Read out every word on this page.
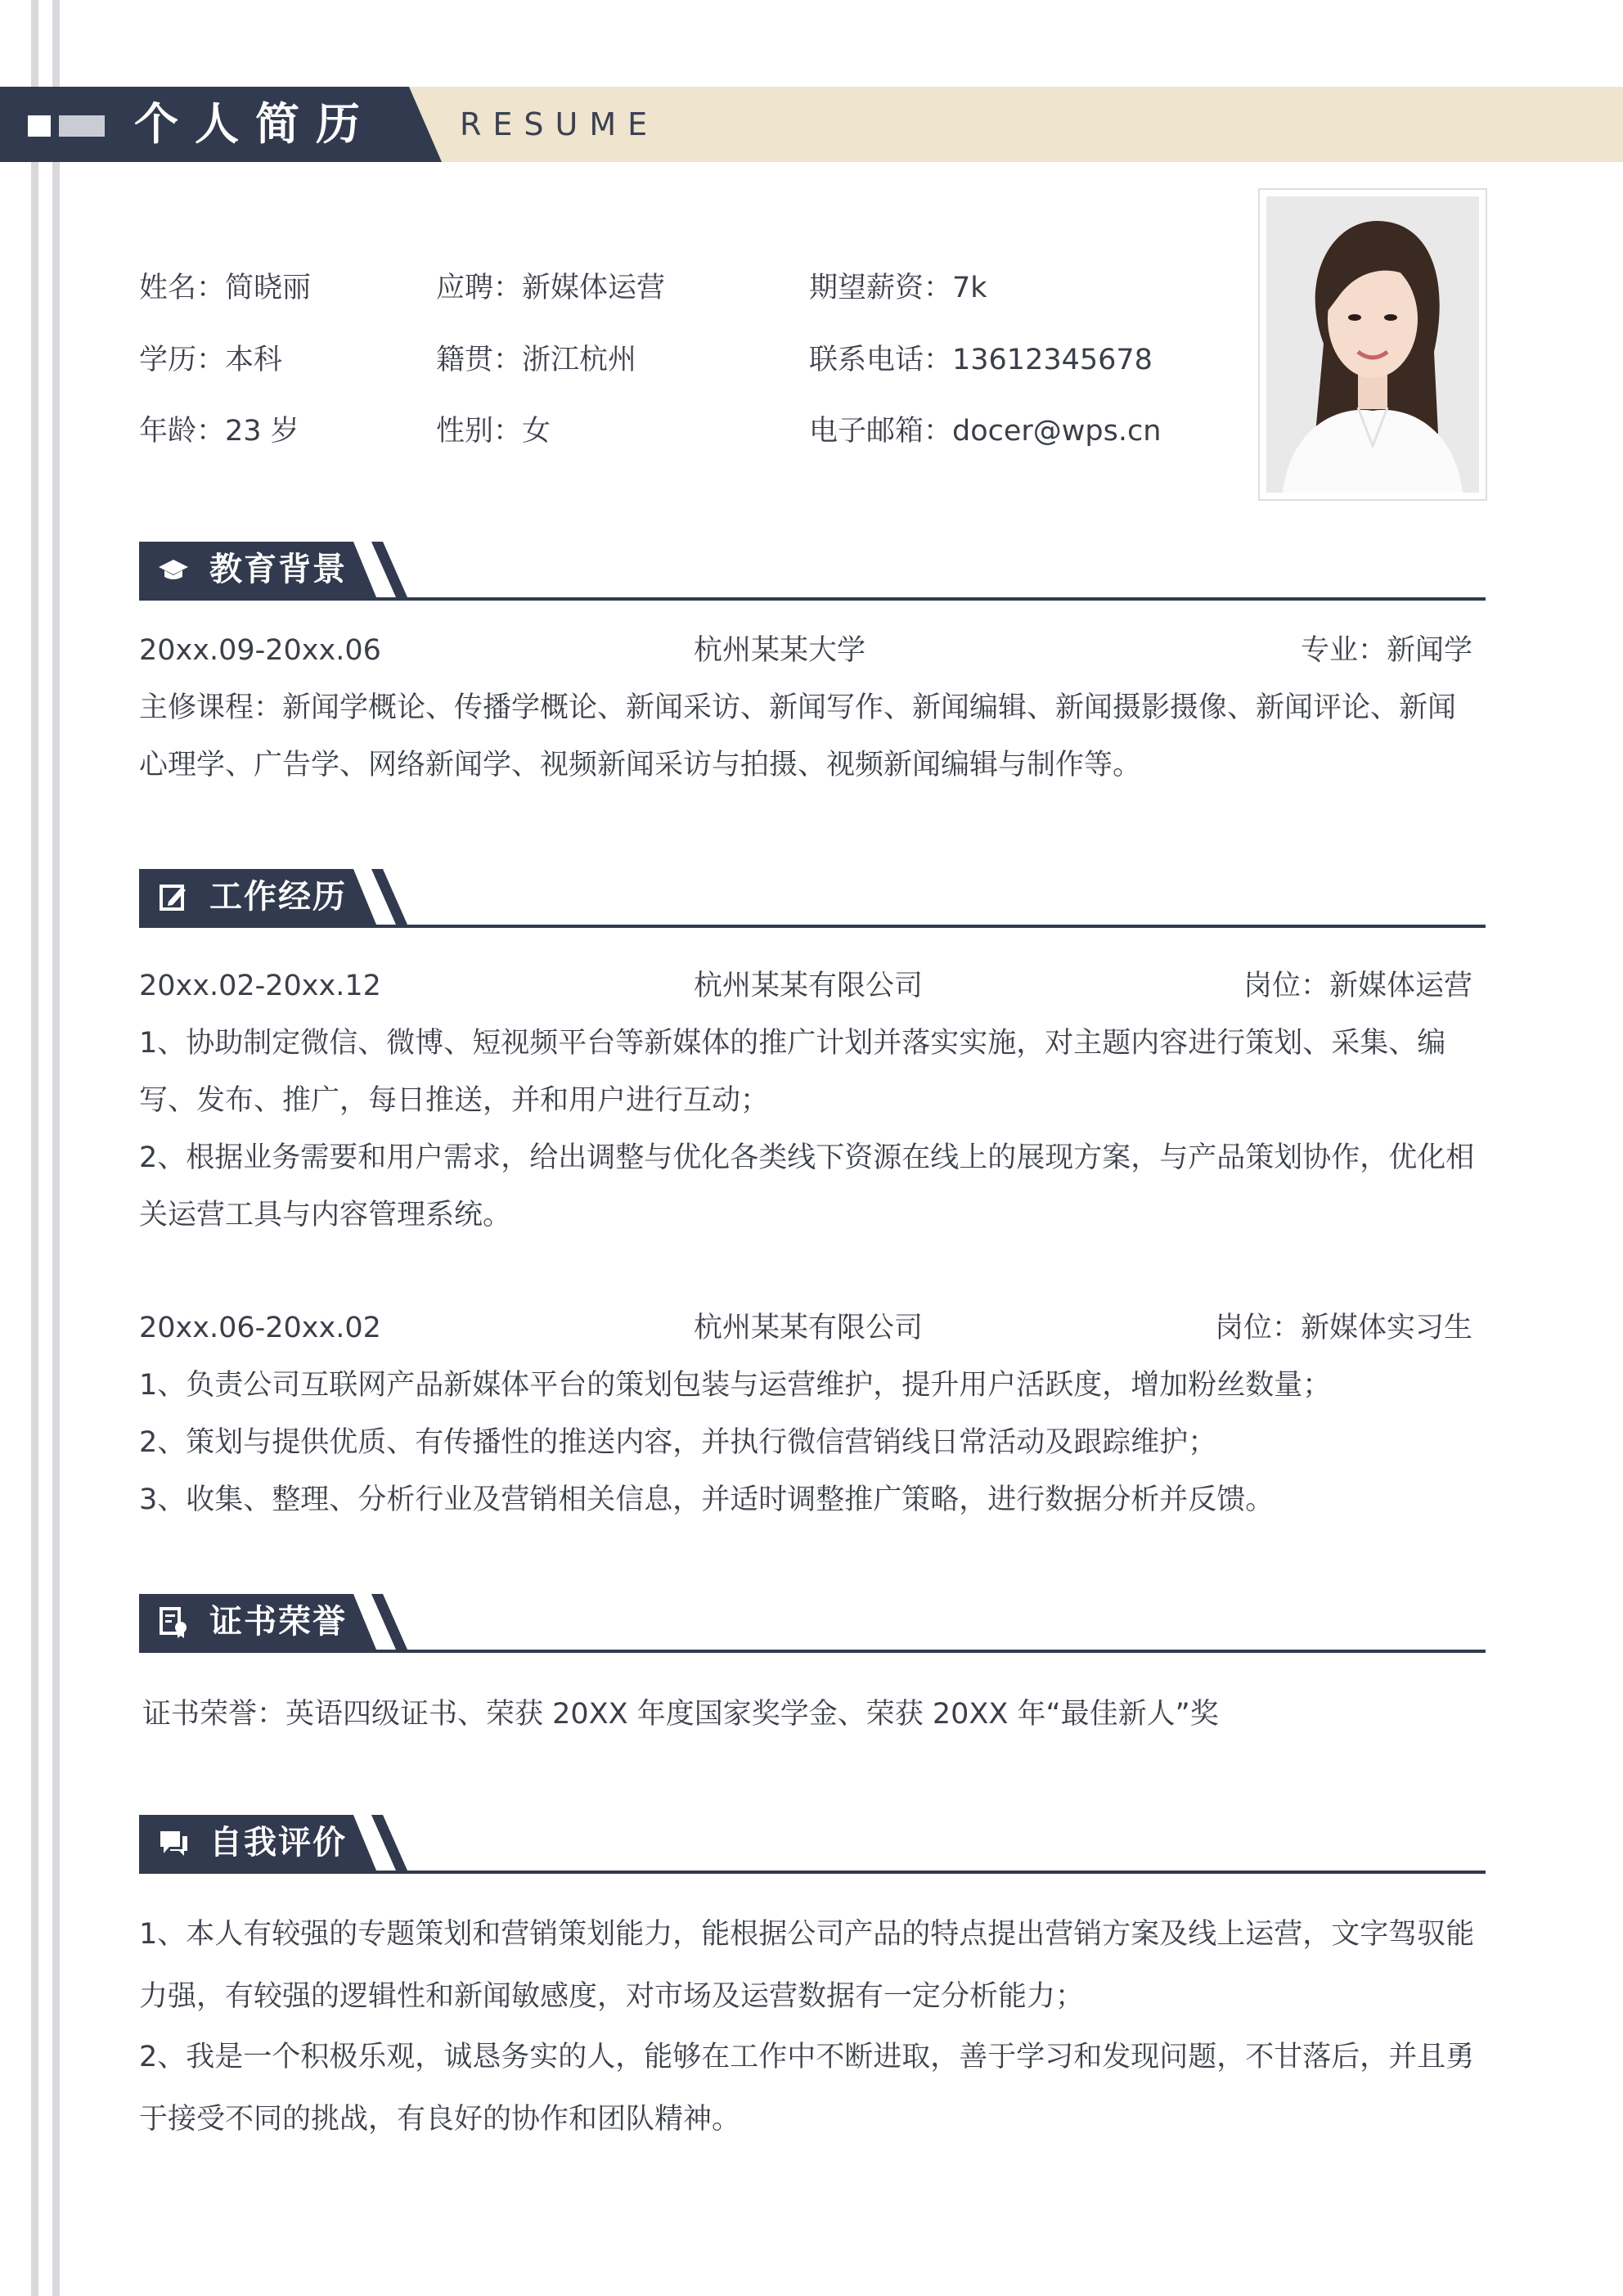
个人简历	RESUME
姓名：简晓丽	应聘：新媒体运营	期望薪资：7k
学历：本科	籍贯：浙江杭州	联系电话：13612345678
年龄：23 岁	性别：女	电子邮箱：docer@wps.cn
教育背景
20xx.09-20xx.06	杭州某某大学	专业：新闻学
主修课程：新闻学概论、传播学概论、新闻采访、新闻写作、新闻编辑、新闻摄影摄像、新闻评论、新闻心理学、广告学、网络新闻学、视频新闻采访与拍摄、视频新闻编辑与制作等。
工作经历
20xx.02-20xx.12	杭州某某有限公司	岗位：新媒体运营
1、协助制定微信、微博、短视频平台等新媒体的推广计划并落实实施，对主题内容进行策划、采集、编写、发布、推广，每日推送，并和用户进行互动；
2、根据业务需要和用户需求，给出调整与优化各类线下资源在线上的展现方案，与产品策划协作，优化相关运营工具与内容管理系统。
20xx.06-20xx.02	杭州某某有限公司	岗位：新媒体实习生
1、负责公司互联网产品新媒体平台的策划包装与运营维护，提升用户活跃度，增加粉丝数量；
2、策划与提供优质、有传播性的推送内容，并执行微信营销线日常活动及跟踪维护；
3、收集、整理、分析行业及营销相关信息，并适时调整推广策略，进行数据分析并反馈。
证书荣誉
证书荣誉：英语四级证书、荣获 20XX 年度国家奖学金、荣获 20XX 年“最佳新人”奖
自我评价
1、本人有较强的专题策划和营销策划能力，能根据公司产品的特点提出营销方案及线上运营，文字驾驭能力强，有较强的逻辑性和新闻敏感度，对市场及运营数据有一定分析能力；
2、我是一个积极乐观，诚恳务实的人，能够在工作中不断进取，善于学习和发现问题，不甘落后，并且勇于接受不同的挑战，有良好的协作和团队精神。
